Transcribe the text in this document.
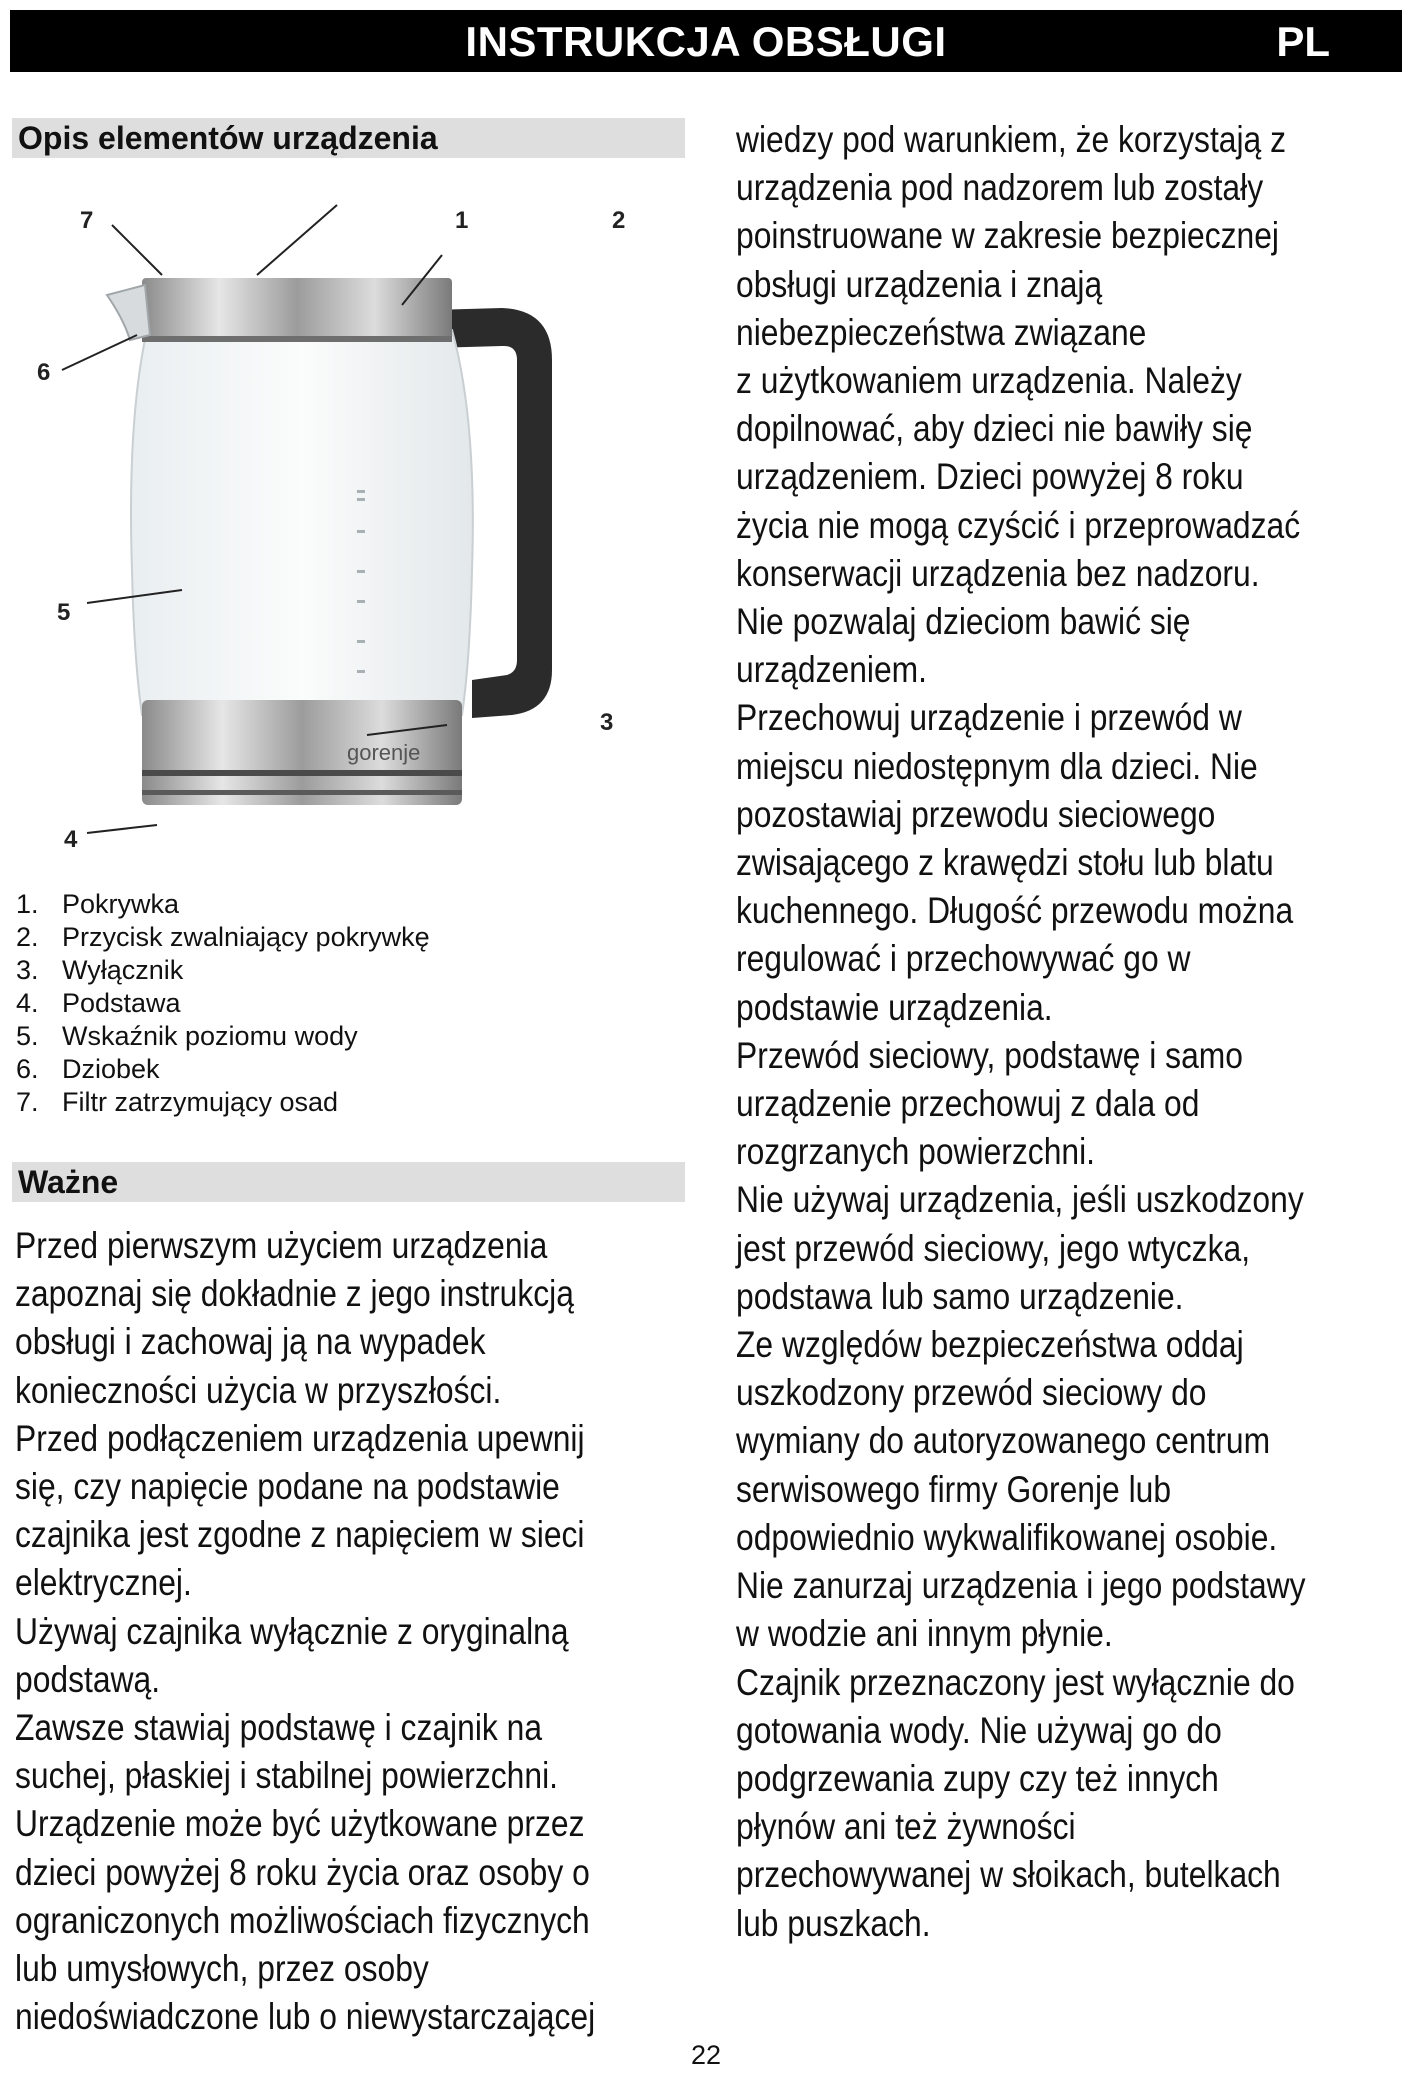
INSTRUKCJA OBSŁUGI	PL
Opis elementów urządzenia
gorenje
7	1	2
6
5
3
4
1. Pokrywka
2. Przycisk zwalniający pokrywkę
3. Wyłącznik
4. Podstawa
5. Wskaźnik poziomu wody
6. Dziobek
7. Filtr zatrzymujący osad
Ważne

Przed pierwszym użyciem urządzenia

zapoznaj się dokładnie z jego instrukcją

obsługi i zachowaj ją na wypadek

konieczności użycia w przyszłości.

Przed podłączeniem urządzenia upewnij

się, czy napięcie podane na podstawie

czajnika jest zgodne z napięciem w sieci

elektrycznej.

Używaj czajnika wyłącznie z oryginalną

podstawą.

Zawsze stawiaj podstawę i czajnik na

suchej, płaskiej i stabilnej powierzchni.

Urządzenie może być użytkowane przez

dzieci powyżej 8 roku życia oraz osoby o

ograniczonych możliwościach fizycznych

lub umysłowych, przez osoby

niedoświadczone lub o niewystarczającej

wiedzy pod warunkiem, że korzystają z

urządzenia pod nadzorem lub zostały

poinstruowane w zakresie bezpiecznej

obsługi urządzenia i znają

niebezpieczeństwa związane

z użytkowaniem urządzenia. Należy

dopilnować, aby dzieci nie bawiły się

urządzeniem. Dzieci powyżej 8 roku

życia nie mogą czyścić i przeprowadzać

konserwacji urządzenia bez nadzoru.

Nie pozwalaj dzieciom bawić się

urządzeniem.

Przechowuj urządzenie i przewód w

miejscu niedostępnym dla dzieci. Nie

pozostawiaj przewodu sieciowego

zwisającego z krawędzi stołu lub blatu

kuchennego. Długość przewodu można

regulować i przechowywać go w

podstawie urządzenia.

Przewód sieciowy, podstawę i samo

urządzenie przechowuj z dala od

rozgrzanych powierzchni.

Nie używaj urządzenia, jeśli uszkodzony

jest przewód sieciowy, jego wtyczka,

podstawa lub samo urządzenie.

Ze względów bezpieczeństwa oddaj

uszkodzony przewód sieciowy do

wymiany do autoryzowanego centrum

serwisowego firmy Gorenje lub

odpowiednio wykwalifikowanej osobie.

Nie zanurzaj urządzenia i jego podstawy

w wodzie ani innym płynie.

Czajnik przeznaczony jest wyłącznie do

gotowania wody. Nie używaj go do

podgrzewania zupy czy też innych

płynów ani też żywności

przechowywanej w słoikach, butelkach

lub puszkach.

22
